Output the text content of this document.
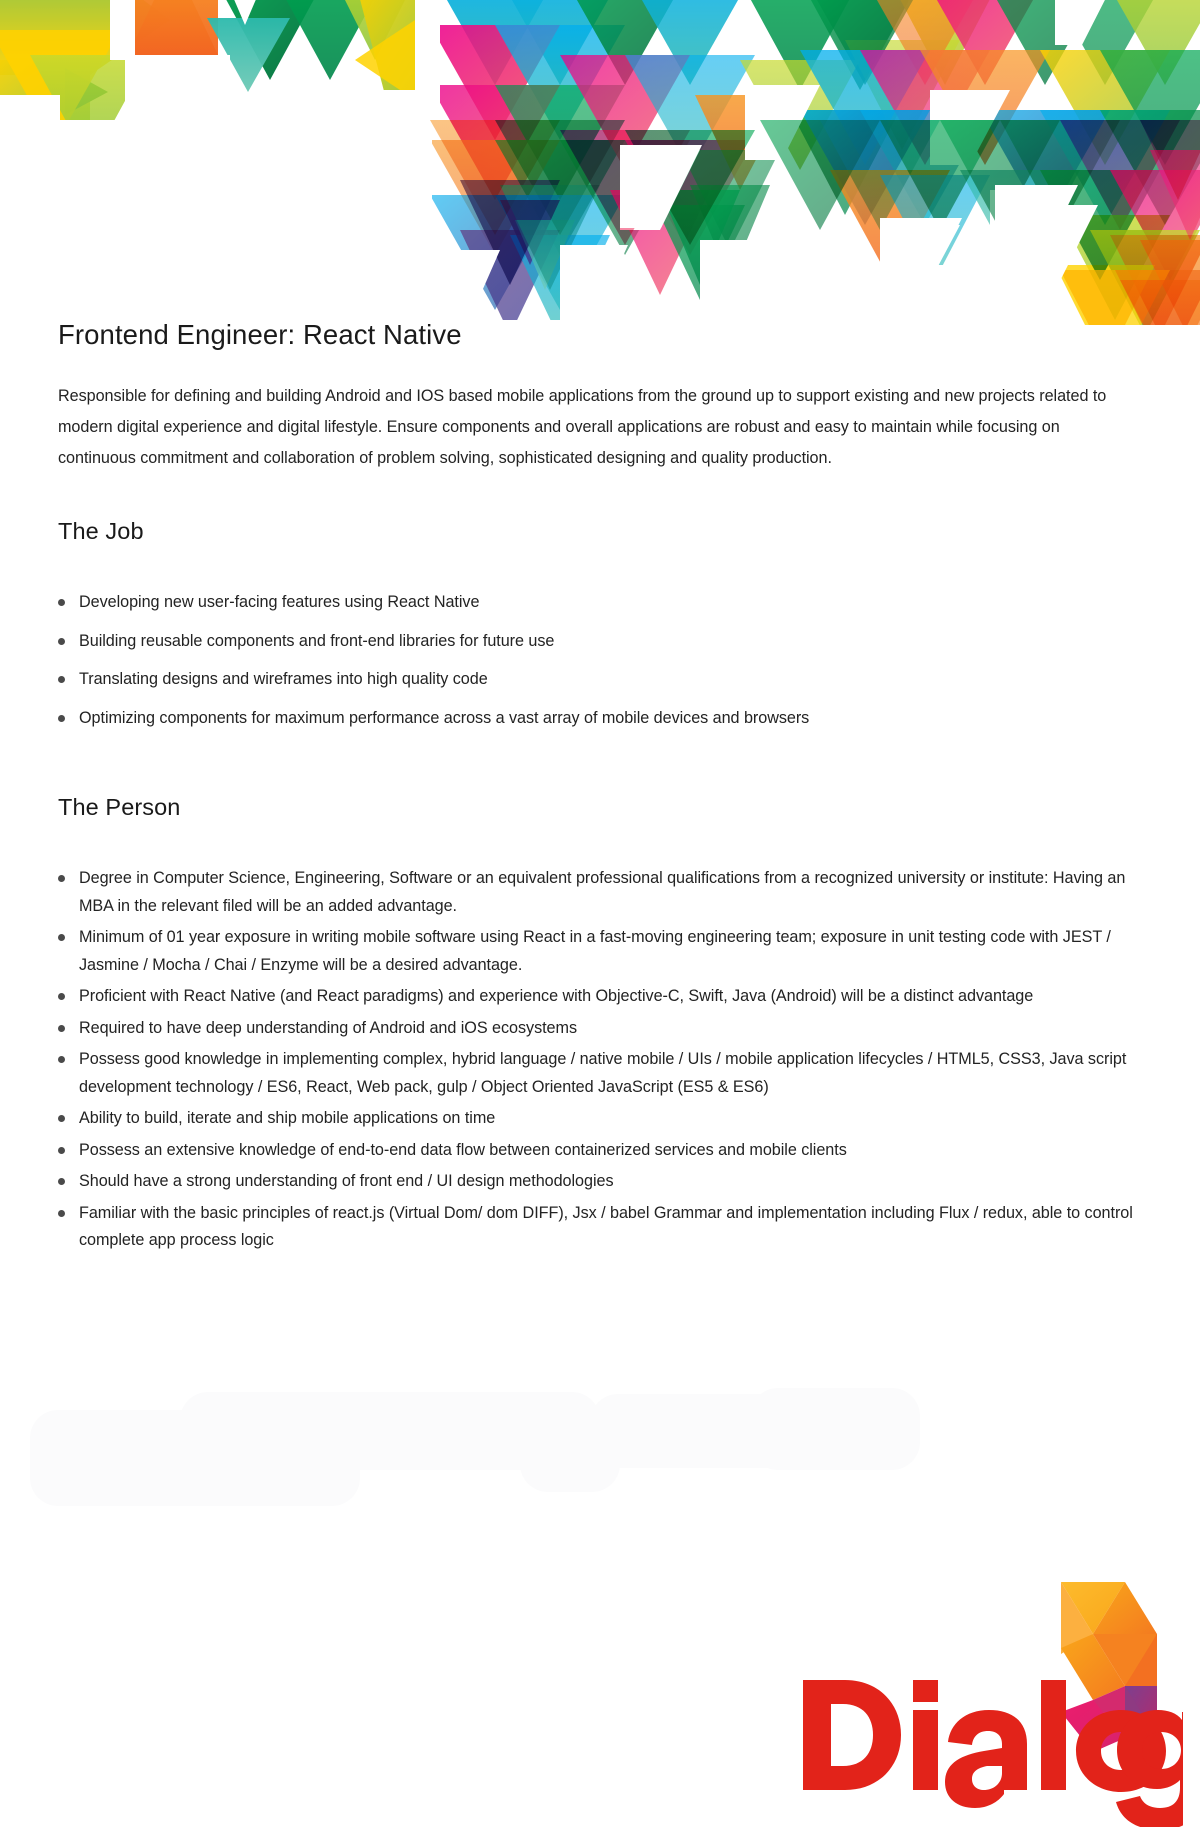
Frontend Engineer: React Native

Responsible for defining and building Android and IOS based mobile applications from the ground up to support existing and new projects related to modern digital experience and digital lifestyle. Ensure components and overall applications are robust and easy to maintain while focusing on continuous commitment and collaboration of problem solving, sophisticated designing and quality production.

The Job
Developing new user-facing features using React Native
Building reusable components and front-end libraries for future use
Translating designs and wireframes into high quality code
Optimizing components for maximum performance across a vast array of mobile devices and browsers
The Person
Degree in Computer Science, Engineering, Software or an equivalent professional qualifications from a recognized university or institute: Having an MBA in the relevant filed will be an added advantage.
Minimum of 01 year exposure in writing mobile software using React in a fast-moving engineering team; exposure in unit testing code with JEST / Jasmine / Mocha / Chai / Enzyme will be a desired advantage.
Proficient with React Native (and React paradigms) and experience with Objective-C, Swift, Java (Android) will be a distinct advantage
Required to have deep understanding of Android and iOS ecosystems
Possess good knowledge in implementing complex, hybrid language / native mobile / UIs / mobile application lifecycles / HTML5, CSS3, Java script development technology / ES6, React, Web pack, gulp / Object Oriented JavaScript (ES5 & ES6)
Ability to build, iterate and ship mobile applications on time
Possess an extensive knowledge of end-to-end data flow between containerized services and mobile clients
Should have a strong understanding of front end / UI design methodologies
Familiar with the basic principles of react.js (Virtual Dom/ dom DIFF), Jsx / babel Grammar and implementation including Flux / redux, able to control complete app process logic
